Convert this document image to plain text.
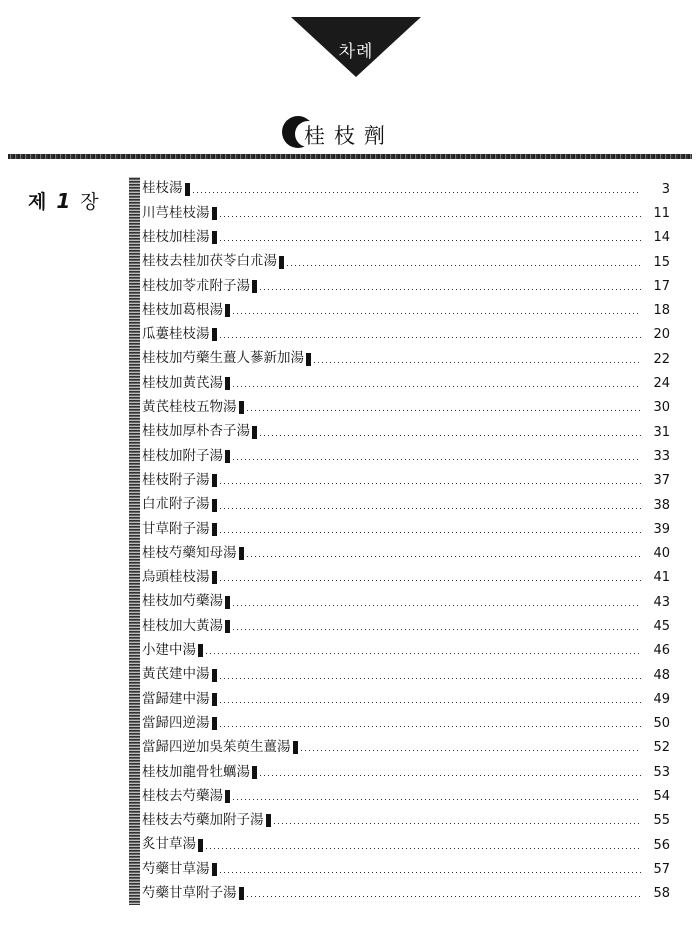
차례
桂枝劑
제 1 장
桂枝湯	3
川芎桂枝湯	11
桂枝加桂湯	14
桂枝去桂加茯苓白朮湯	15
桂枝加苓朮附子湯	17
桂枝加葛根湯	18
瓜蔞桂枝湯	20
桂枝加芍藥生薑人蔘新加湯	22
桂枝加黃芪湯	24
黃芪桂枝五物湯	30
桂枝加厚朴杏子湯	31
桂枝加附子湯	33
桂枝附子湯	37
白朮附子湯	38
甘草附子湯	39
桂枝芍藥知母湯	40
烏頭桂枝湯	41
桂枝加芍藥湯	43
桂枝加大黃湯	45
小建中湯	46
黃芪建中湯	48
當歸建中湯	49
當歸四逆湯	50
當歸四逆加吳茱萸生薑湯	52
桂枝加龍骨牡蠣湯	53
桂枝去芍藥湯	54
桂枝去芍藥加附子湯	55
炙甘草湯	56
芍藥甘草湯	57
芍藥甘草附子湯	58
